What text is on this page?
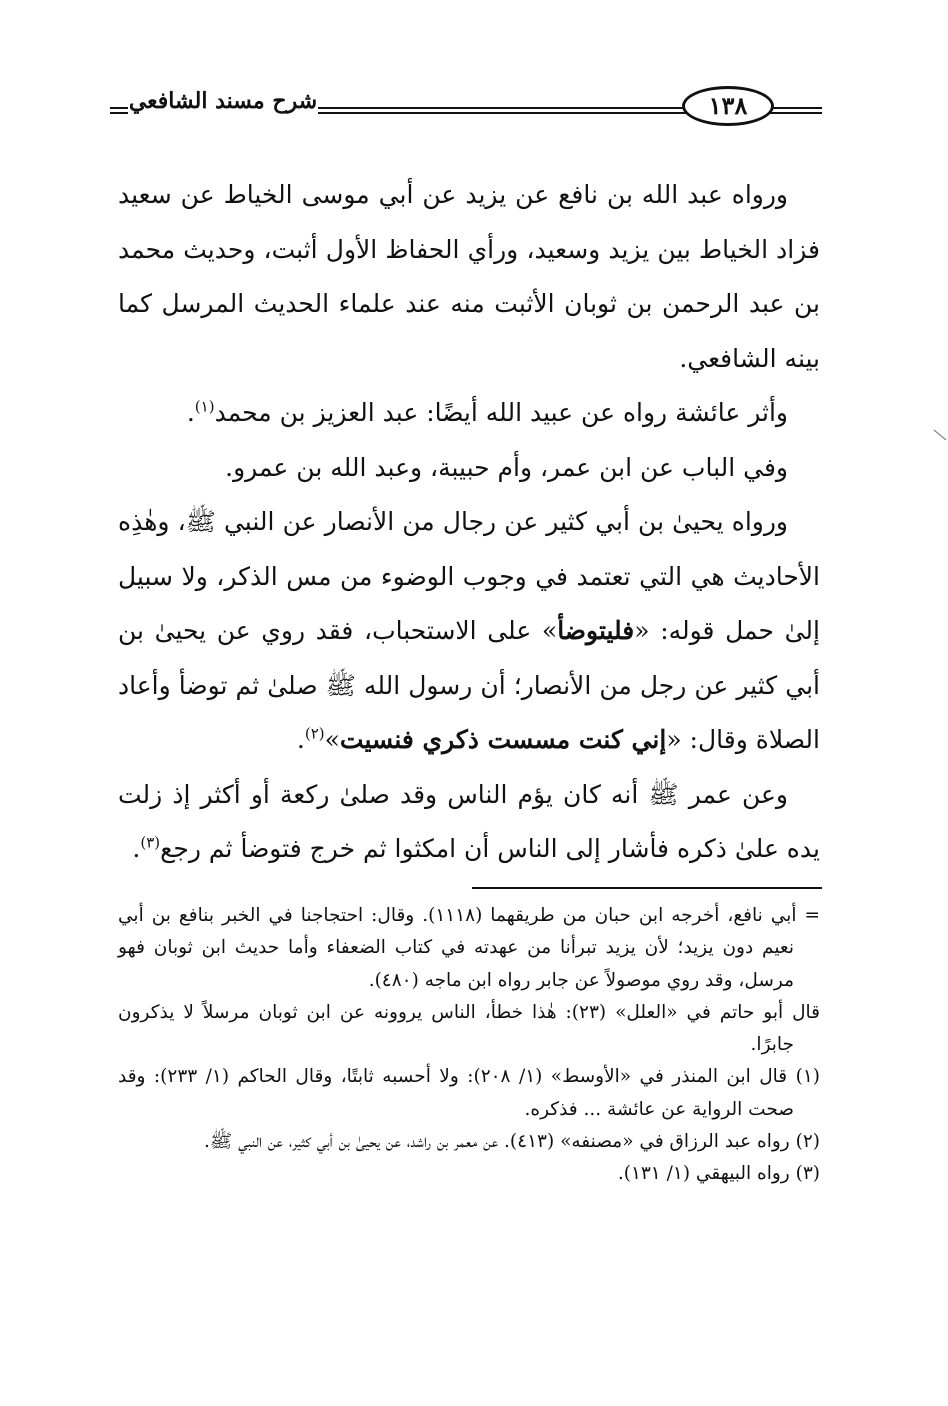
شرح مسند الشافعي	١٣٨

ورواه عبد الله بن نافع عن يزيد عن أبي موسى الخياط عن سعيد فزاد الخياط بين يزيد وسعيد، ورأي الحفاظ الأول أثبت، وحديث محمد بن عبد الرحمن بن ثوبان الأثبت منه عند علماء الحديث المرسل كما بينه الشافعي.

وأثر عائشة رواه عن عبيد الله أيضًا: عبد العزيز بن محمد$^{(١)}$.

وفي الباب عن ابن عمر، وأم حبيبة، وعبد الله بن عمرو.

ورواه يحيىٰ بن أبي كثير عن رجال من الأنصار عن النبي ﷺ، وهٰذِه الأحاديث هي التي تعتمد في وجوب الوضوء من مس الذكر، ولا سبيل إلىٰ حمل قوله: «فليتوضأ» على الاستحباب، فقد روي عن يحيىٰ بن أبي كثير عن رجل من الأنصار؛ أن رسول الله ﷺ صلىٰ ثم توضأ وأعاد الصلاة وقال: «إني كنت مسست ذكري فنسيت»$^{(٢)}$.

وعن عمر ﷺ أنه كان يؤم الناس وقد صلىٰ ركعة أو أكثر إذ زلت يده علىٰ ذكره فأشار إلى الناس أن امكثوا ثم خرج فتوضأ ثم رجع$^{(٣)}$.

= أبي نافع، أخرجه ابن حبان من طريقهما (١١١٨). وقال: احتجاجنا في الخبر بنافع بن أبي نعيم دون يزيد؛ لأن يزيد تبرأنا من عهدته في كتاب الضعفاء وأما حديث ابن ثوبان فهو مرسل، وقد روي موصولاً عن جابر رواه ابن ماجه (٤٨٠).

قال أبو حاتم في «العلل» (٢٣): هٰذا خطأ، الناس يروونه عن ابن ثوبان مرسلاً لا يذكرون جابرًا.

(١) قال ابن المنذر في «الأوسط» (١/ ٢٠٨): ولا أحسبه ثابتًا، وقال الحاكم (١/ ٢٣٣): وقد صحت الرواية عن عائشة ... فذكره.

(٢) رواه عبد الرزاق في «مصنفه» (٤١٣). عن معمر بن راشد، عن يحيىٰ بن أبي كثير، عن النبي ﷺ.

(٣) رواه البيهقي (١/ ١٣١).
